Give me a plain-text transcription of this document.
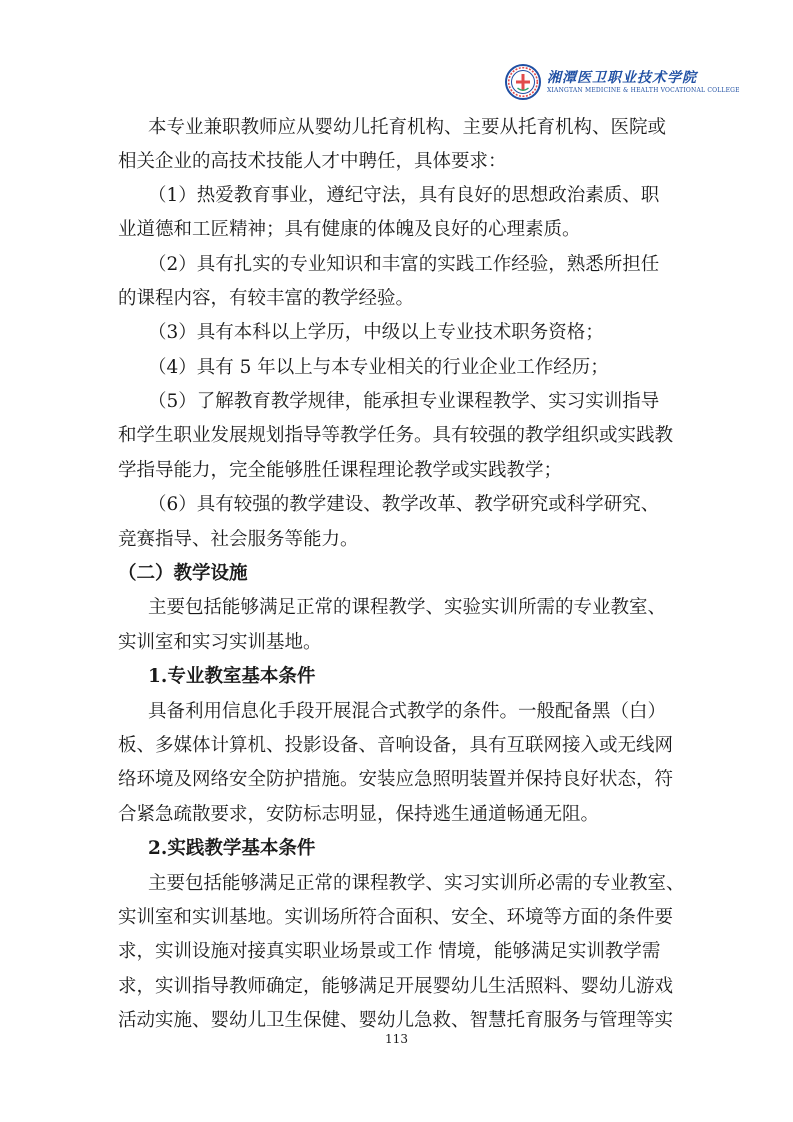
湘潭医卫职业技术学院
XIANGTAN MEDICINE & HEALTH VOCATIONAL COLLEGE
本专业兼职教师应从婴幼儿托育机构、主要从托育机构、医院或
相关企业的高技术技能人才中聘任，具体要求：
（1）热爱教育事业，遵纪守法，具有良好的思想政治素质、职
业道德和工匠精神；具有健康的体魄及良好的心理素质。
（2）具有扎实的专业知识和丰富的实践工作经验，熟悉所担任
的课程内容，有较丰富的教学经验。
（3）具有本科以上学历，中级以上专业技术职务资格；
（4）具有 5 年以上与本专业相关的行业企业工作经历；
（5）了解教育教学规律，能承担专业课程教学、实习实训指导
和学生职业发展规划指导等教学任务。具有较强的教学组织或实践教
学指导能力，完全能够胜任课程理论教学或实践教学；
（6）具有较强的教学建设、教学改革、教学研究或科学研究、
竞赛指导、社会服务等能力。
（二）教学设施
主要包括能够满足正常的课程教学、实验实训所需的专业教室、
实训室和实习实训基地。
1.专业教室基本条件
具备利用信息化手段开展混合式教学的条件。一般配备黑（白）
板、多媒体计算机、投影设备、音响设备，具有互联网接入或无线网
络环境及网络安全防护措施。安装应急照明装置并保持良好状态，符
合紧急疏散要求，安防标志明显，保持逃生通道畅通无阻。
2.实践教学基本条件
主要包括能够满足正常的课程教学、实习实训所必需的专业教室、
实训室和实训基地。实训场所符合面积、安全、环境等方面的条件要
求，实训设施对接真实职业场景或工作 情境，能够满足实训教学需
求，实训指导教师确定，能够满足开展婴幼儿生活照料、婴幼儿游戏
活动实施、婴幼儿卫生保健、婴幼儿急救、智慧托育服务与管理等实
113
